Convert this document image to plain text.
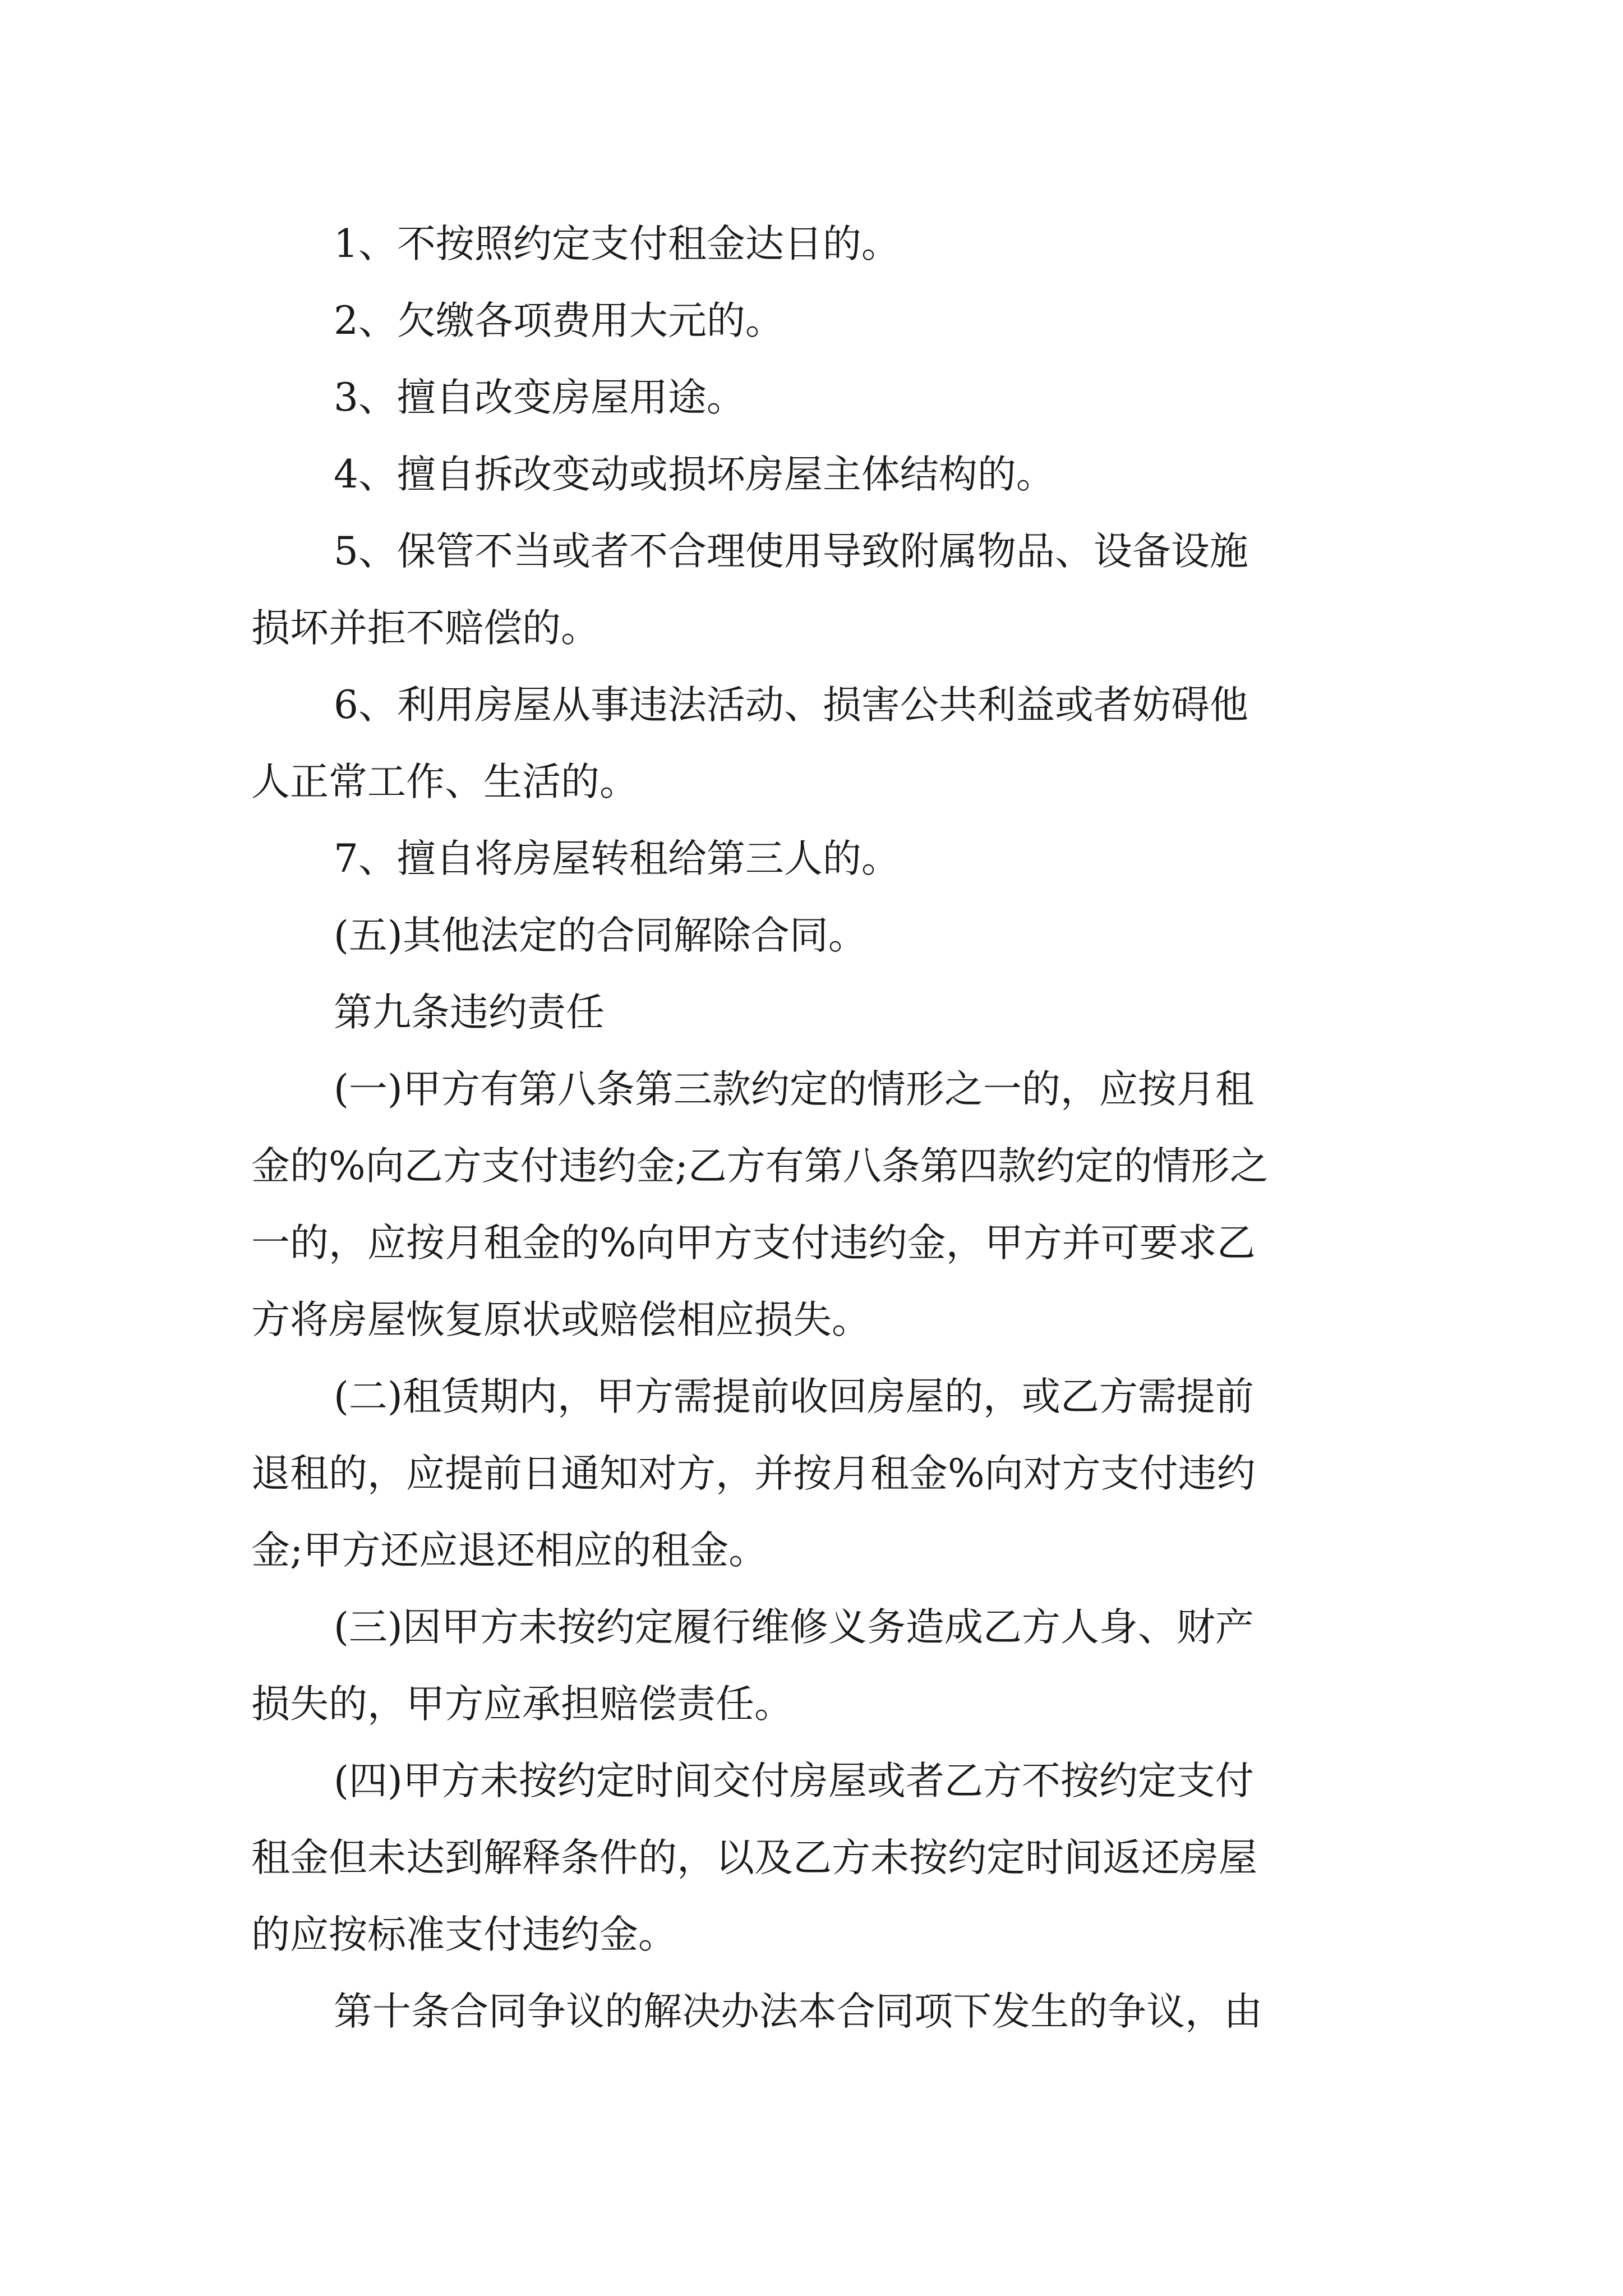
1、不按照约定支付租金达日的。
2、欠缴各项费用大元的。
3、擅自改变房屋用途。
4、擅自拆改变动或损坏房屋主体结构的。
5、保管不当或者不合理使用导致附属物品、设备设施
损坏并拒不赔偿的。
6、利用房屋从事违法活动、损害公共利益或者妨碍他
人正常工作、生活的。
7、擅自将房屋转租给第三人的。
(五)其他法定的合同解除合同。
第九条违约责任
(一)甲方有第八条第三款约定的情形之一的，应按月租
金的%向乙方支付违约金;乙方有第八条第四款约定的情形之
一的，应按月租金的%向甲方支付违约金，甲方并可要求乙
方将房屋恢复原状或赔偿相应损失。
(二)租赁期内，甲方需提前收回房屋的，或乙方需提前
退租的，应提前日通知对方，并按月租金%向对方支付违约
金;甲方还应退还相应的租金。
(三)因甲方未按约定履行维修义务造成乙方人身、财产
损失的，甲方应承担赔偿责任。
(四)甲方未按约定时间交付房屋或者乙方不按约定支付
租金但未达到解释条件的，以及乙方未按约定时间返还房屋
的应按标准支付违约金。
第十条合同争议的解决办法本合同项下发生的争议，由
